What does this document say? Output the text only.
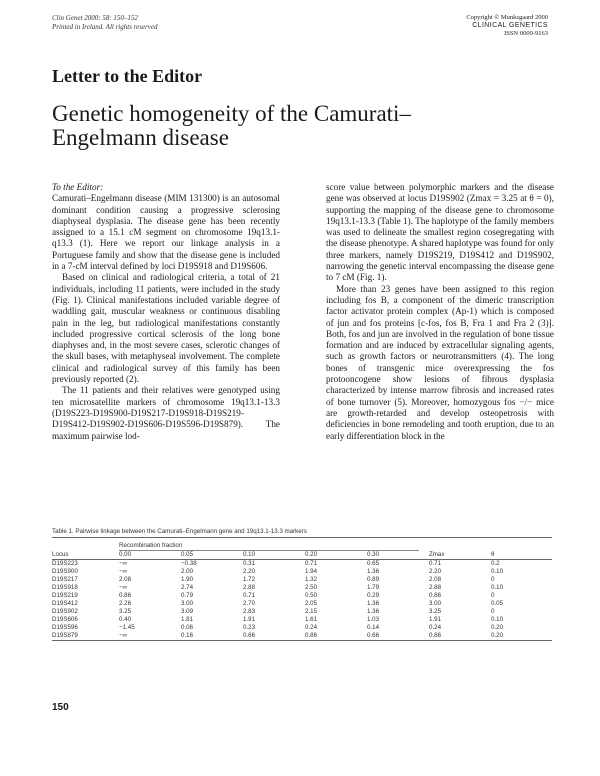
Clin Genet 2000: 58: 150–152
Printed in Ireland. All rights reserved
Copyright © Munksgaard 2000
CLINICAL GENETICS
ISSN 0009-9163
Letter to the Editor
Genetic homogeneity of the Camurati–Engelmann disease

To the Editor:

Camurati–Engelmann disease (MIM 131300) is an autosomal dominant condition causing a progressive sclerosing diaphyseal dysplasia. The disease gene has been recently assigned to a 15.1 cM segment on chromosome 19q13.1-q13.3 (1). Here we report our linkage analysis in a Portuguese family and show that the disease gene is included in a 7-cM interval defined by loci D19S918 and D19S606.

Based on clinical and radiological criteria, a total of 21 individuals, including 11 patients, were included in the study (Fig. 1). Clinical manifestations included variable degree of waddling gait, muscular weakness or continuous disabling pain in the leg, but radiological manifestations constantly included progressive cortical sclerosis of the long bone diaphyses and, in the most severe cases, sclerotic changes of the skull bases, with metaphyseal involvement. The complete clinical and radiological survey of this family has been previously reported (2).

The 11 patients and their relatives were genotyped using ten microsatellite markers of chromosome 19q13.1-13.3 (D19S223-D19S900-D19S217-D19S918-D19S219-D19S412-D19S902-D19S606-D19S596-D19S879). The maximum pairwise lod-

score value between polymorphic markers and the disease gene was observed at locus D19S902 (Zmax = 3.25 at θ = 0), supporting the mapping of the disease gene to chromosome 19q13.1-13.3 (Table 1). The haplotype of the family members was used to delineate the smallest region cosegregating with the disease phenotype. A shared haplotype was found for only three markers, namely D19S219, D19S412 and D19S902, narrowing the genetic interval encompassing the disease gene to 7 cM (Fig. 1).

More than 23 genes have been assigned to this region including fos B, a component of the dimeric transcription factor activator protein complex (Ap-1) which is composed of jun and fos proteins [c-fos, fos B, Fra 1 and Fra 2 (3)]. Both, fos and jun are involved in the regulation of bone tissue formation and are induced by extracellular signaling agents, such as growth factors or neurotransmitters (4). The long bones of transgenic mice overexpressing the fos protooncogene show lesions of fibrous dysplasia characterized by intense marrow fibrosis and increased rates of bone turnover (5). Moreover, homozygous fos −/− mice are growth-retarded and develop osteopetrosis with deficiencies in bone remodeling and tooth eruption, due to an early differentiation block in the

Table 1. Pairwise linkage between the Camurati–Engelmann gene and 19q13.1-13.3 markers
	Recombination fraction						
Locus	0.00	0.05	0.10	0.20	0.30	Zmax	θ

D19S223	−∞	−0.38	0.31	0.71	0.65	0.71	0.2
D19S900	−∞	2.00	2.20	1.94	1.36	2.20	0.10
D19S217	2.08	1.90	1.72	1.32	0.89	2.08	0
D19S918	−∞	2.74	2.88	2.50	1.79	2.88	0.10
D19S219	0.86	0.79	0.71	0.50	0.29	0.86	0
D19S412	2.26	3.00	2.70	2.05	1.36	3.00	0.05
D19S902	3.25	3.09	2.83	2.15	1.36	3.25	0
D19S606	0.40	1.81	1.91	1.61	1.03	1.91	0.10
D19S596	−1.45	0.06	0.23	0.24	0.14	0.24	0.20
D19S879	−∞	0.16	0.66	0.86	0.66	0.86	0.20
150
